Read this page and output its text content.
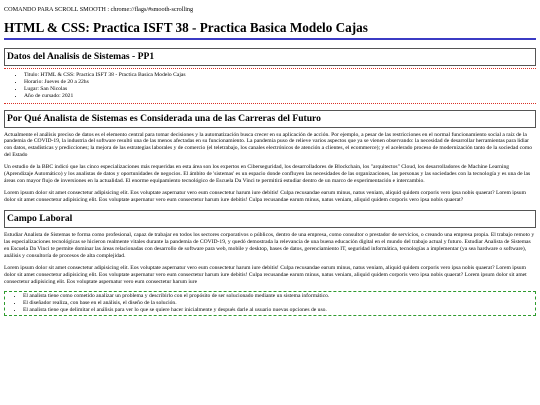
COMANDO PARA SCROLL SMOOTH : chrome://flags/#smooth-scrolling
HTML & CSS: Practica ISFT 38 - Practica Basica Modelo Cajas
Datos del Analisis de Sistemas - PP1
• Titulo: HTML & CSS: Practica ISFT 38 - Practica Basica Modelo Cajas
• Horario: Jueves de 20 a 22hs
• Lugar: San Nicolas
• Año de cursado: 2021
Por Qué Analista de Sistemas es Considerada una de las Carreras del Futuro

Actualmente el análisis preciso de datos es el elemento central para tomar decisiones y la automatización busca crecer en su aplicación de acción. Por ejemplo, a pesar de las restricciones en el normal funcionamiento social a raíz de la pandemia de COVID-19, la industria del software resultó una de las menos afectadas en su funcionamiento. La pandemia puso de relieve varios aspectos que ya se vienen observando: la necesidad de desarrollar herramientas para lidiar con datos, estadísticas y predicciones; la mejora de las estrategias laborales y de comercio (el teletrabajo, los canales electrónicos de atención a clientes, el ecommerce); y el acelerado proceso de modernización tanto de la sociedad como del Estado

Un estudio de la BBC indicó que las cinco especializaciones más requeridas en esta área son los expertos en Cibersegurida​d, los desarrolladores de Blockchain, los "arquitectos" Cloud, los desarrolladores de Machine Learning (Aprendizaje Automático) y los analistas de datos y oportunidades de negocios. El ámbito de 'sistemas' es un espacio donde confluyen las necesidades de las organizaciones, las personas y las sociedades con la tecnología y es una de las áreas con mayor flujo de inversiones en la actualidad. El enorme equipamiento tecnológico de Escuela Da Vinci te permitirá estudiar dentro de un marco de experimentación e intercambio.

Lorem ipsum dolor sit amet consectetur adipisicing elit. Eos voluptate aspernatur vero eum consectetur harum iure debitis! Culpa recusandae earum minus, natus veniam, aliquid quidem corporis vero ipsa nobis quaerat? Lorem ipsum dolor sit amet consectetur adipisicing elit. Eos voluptate aspernatur vero eum consectetur harum iure debitis! Culpa recusandae earum minus, natus veniam, aliquid quidem corporis vero ipsa nobis quaerat?

Campo Laboral

Estudiar Analista de Sistemas te forma como profesional, capaz de trabajar en todos los sectores corporativos o públicos, dentro de una empresa, como consultor o prestador de servicios, o creando una empresa propia. El trabajo remoto y las especializaciones tecnológicas se hicieron realmente vitales durante la pandemia de COVID-19, y quedó demostrada la relevancia de una buena educación digital en el mundo del trabajo actual y futuro. Estudiar Analista de Sistemas en Escuela Da Vinci te permite dominar las áreas relacionadas con desarrollo de software para web, mobile y desktop, bases de datos, gerenciamiento IT, seguridad informática, tecnologías a implementar (ya sea hardware o software), análisis y consultoría de procesos de alta complejidad.

Lorem ipsum dolor sit amet consectetur adipisicing elit. Eos voluptate aspernatur vero eum consectetur harum iure debitis! Culpa recusandae earum minus, natus veniam, aliquid quidem corporis vero ipsa nobis quaerat? Lorem ipsum dolor sit amet consectetur adipisicing elit. Eos voluptate aspernatur vero eum consectetur harum iure debitis! Culpa recusandae earum minus, natus veniam, aliquid quidem corporis vero ipsa nobis quaerat? Lorem ipsum dolor sit amet consectetur adipisicing elit. Eos voluptate aspernatur vero eum consectetur harum iure

• El analista tiene como cometido analizar un problema y describirlo con el propósito de ser solucionado mediante un sistema informático.
• El diseñador realiza, con base en el análisis, el diseño de la solución.
• El analista tiene que delimitar el análisis para ver lo que se quiere hacer inicialmente y después darle al usuario nuevas opciones de uso.
